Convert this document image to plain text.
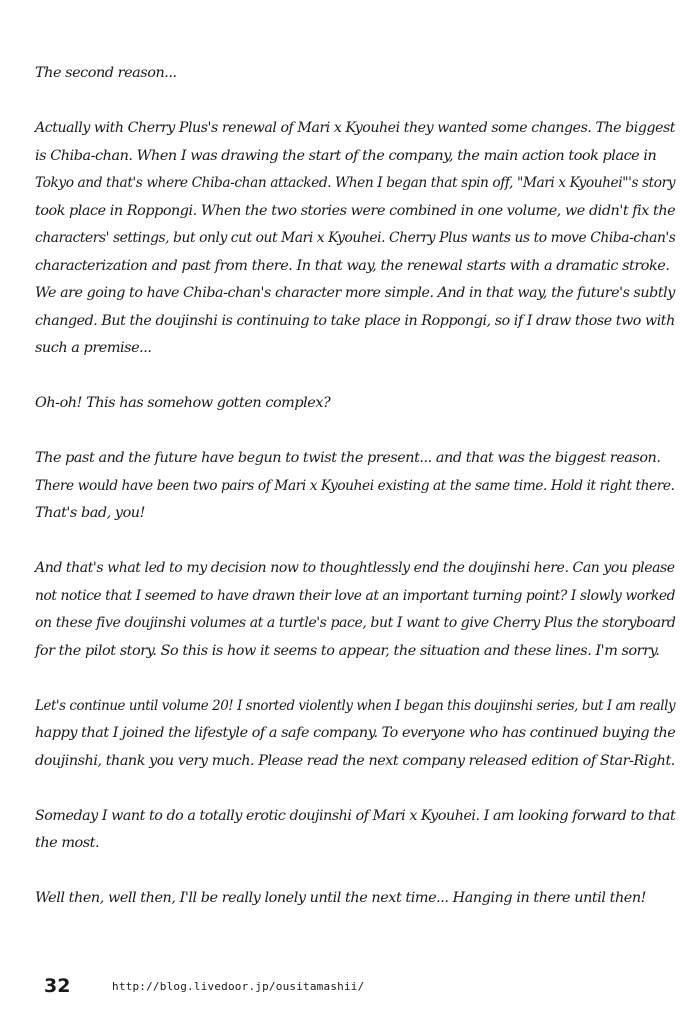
The second reason...

Actually with Cherry Plus's renewal of Mari x Kyouhei they wanted some changes. The biggest
is Chiba-chan. When I was drawing the start of the company, the main action took place in
Tokyo and that's where Chiba-chan attacked. When I began that spin off, "Mari x Kyouhei"'s story
took place in Roppongi. When the two stories were combined in one volume, we didn't fix the
characters' settings, but only cut out Mari x Kyouhei. Cherry Plus wants us to move Chiba-chan's
characterization and past from there. In that way, the renewal starts with a dramatic stroke.
We are going to have Chiba-chan's character more simple. And in that way, the future's subtly
changed. But the doujinshi is continuing to take place in Roppongi, so if I draw those two with
such a premise...

Oh-oh! This has somehow gotten complex?

The past and the future have begun to twist the present... and that was the biggest reason.
There would have been two pairs of Mari x Kyouhei existing at the same time. Hold it right there.
That's bad, you!

And that's what led to my decision now to thoughtlessly end the doujinshi here. Can you please
not notice that I seemed to have drawn their love at an important turning point? I slowly worked
on these five doujinshi volumes at a turtle's pace, but I want to give Cherry Plus the storyboard
for the pilot story. So this is how it seems to appear, the situation and these lines. I'm sorry.

Let's continue until volume 20! I snorted violently when I began this doujinshi series, but I am really
happy that I joined the lifestyle of a safe company. To everyone who has continued buying the
doujinshi, thank you very much. Please read the next company released edition of Star-Right.

Someday I want to do a totally erotic doujinshi of Mari x Kyouhei. I am looking forward to that
the most.

Well then, well then, I'll be really lonely until the next time... Hanging in there until then!

32	http://blog.livedoor.jp/ousitamashii/
